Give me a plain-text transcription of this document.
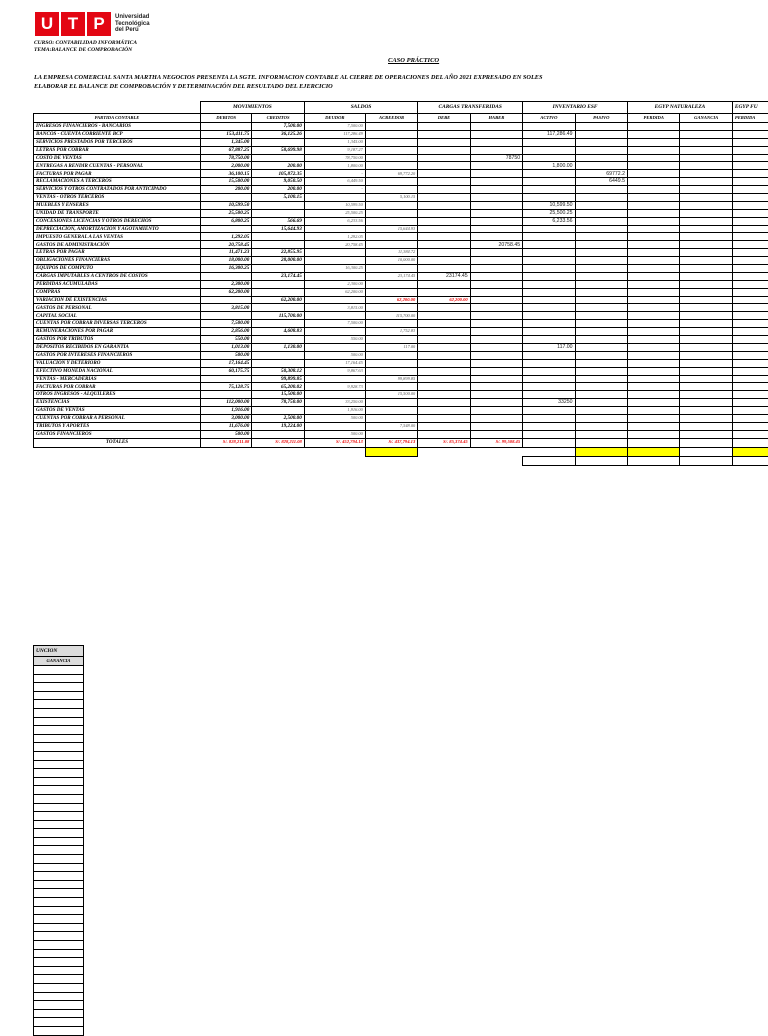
U T P	Universidad
Tecnológica
del Perú
CURSO: CONTABILIDAD INFORMÁTICA
TEMA:BALANCE DE COMPROBACIÓN
CASO PRÁCTICO
LA EMPRESA COMERCIAL SANTA MARTHA NEGOCIOS PRESENTA LA SGTE. INFORMACION CONTABLE AL CIERRE DE OPERACIONES DEL AÑO 2021 EXPRESADO EN SOLES
ELABORAR EL BALANCE DE COMPROBACIÓN Y DETERMINACIÓN DEL RESULTADO DEL EJERCICIO
	MOVIMIENTOS		SALDOS		CARGAS TRANSFERIDAS		INVENTARIO ESF		EGYP NATURALEZA		EGYP FU
PARTIDA CONTABLE	DEBITOS	CREDITOS	DEUDOR	ACREEDOR	DEBE	HABER	ACTIVO	PASIVO	PERDIDA	GANANCIA	PERDIDA
INGRESOS FINANCIEROS - BANCARIOS		7,500.00	7,500.00								
BANCOS - CUENTA CORRIENTE BCP	153,411.75	36,125.26	117,286.49				117,286.49				
SERVICIOS PRESTADOS POR TERCEROS	1,345.00		1,345.00								
LETRAS POR COBRAR	67,887.25	58,699.98	9,187.27								
COSTO DE VENTAS	78,750.00		78,750.00			78750					
ENTREGAS A RENDIR CUENTAS - PERSONAL	2,000.00	200.00	1,800.00				1,800.00				
FACTURAS POR PAGAR	36,100.15	105,872.35	-	69,772.20				69772.2			
RECLAMACIONES A TERCEROS	15,500.00	9,050.50	6,449.50					6449.5			
SERVICIOS Y OTROS CONTRATADOS POR ANTICIPADO	200.00	200.00	-								
VENTAS - OTROS TERCEROS		5,100.15		5,100.15							
MUEBLES Y ENSERES	10,599.50		10,599.50				10,599.50				
UNIDAD DE TRANSPORTE	25,500.25		25,500.25				25,500.25				
CONCESIONES LICENCIAS Y OTROS DERECHOS	6,800.25	566.69	6,233.56				6,233.56				
DEPRECIACION, AMORTIZACION Y AGOTAMIENTO		15,644.93		15,644.93							
IMPUESTO GENERAL A LAS VENTAS	1,292.05		1,292.05								
GASTOS DE ADMINISTRACIÓN	20,758.45		20,758.45			20758.45					
LETRAS POR PAGAR	11,471.23	22,855.95		11,384.72							
OBLIGACIONES FINANCIERAS	18,000.00	28,000.00		10,000.00							
EQUIPOS DE COMPUTO	16,300.25		16,300.25								
CARGAS IMPUTABLES A CENTROS DE COSTOS		23,174.45		23,174.45	23174.45						
PERDIDAS ACUMULADAS	2,300.00		2,300.00								
COMPRAS	62,200.00		62,200.00								
VARIACION DE EXISTENCIAS		62,200.00		62,200.00	62,200.00						
GASTOS DE PERSONAL	3,815.00		3,815.00								
CAPITAL SOCIAL		115,700.00		115,700.00							
CUENTAS POR COBRAR DIVERSAS TERCEROS	7,500.00		7,500.00								
REMUNERACIONES POR PAGAR	2,856.00	4,608.83		1,752.83							
GASTOS POR TRIBUTOS	550.00		550.00								
DEPOSITOS RECIBIDOS EN GARANTIA	1,013.00	1,130.00		117.00			117.00				
GASTOS POR INTERESES FINANCIEROS	500.00		500.00								
VALUACION Y DETERIORO	17,164.45		17,164.45								
EFECTIVO MONEDA NACIONAL	60,175.75	50,308.12	9,867.63								
VENTAS - MERCADERIAS		99,899.85		99,899.85							
FACTURAS POR COBRAR	75,128.75	65,200.02	9,928.73								
OTROS INGRESOS - ALQUILERES		15,500.00		15,500.00							
EXISTENCIAS	112,000.00	78,750.00	33,250.00				33250				
GASTOS DE VENTAS	1,916.00		1,916.00								
CUENTAS POR COBRAR A PERSONAL	3,000.00	2,500.00	500.00								
TRIBUTOS Y APORTES	11,676.00	19,224.00		7,548.00							
GASTOS FINANCIEROS	500.00		500.00								
TOTALES	S/. 828,211.08	S/. 828,211.08	S/. 452,794.13	S/. 437,794.13	S/. 85,374.45	S/. 99,508.45					

UNCION
GANANCIA
